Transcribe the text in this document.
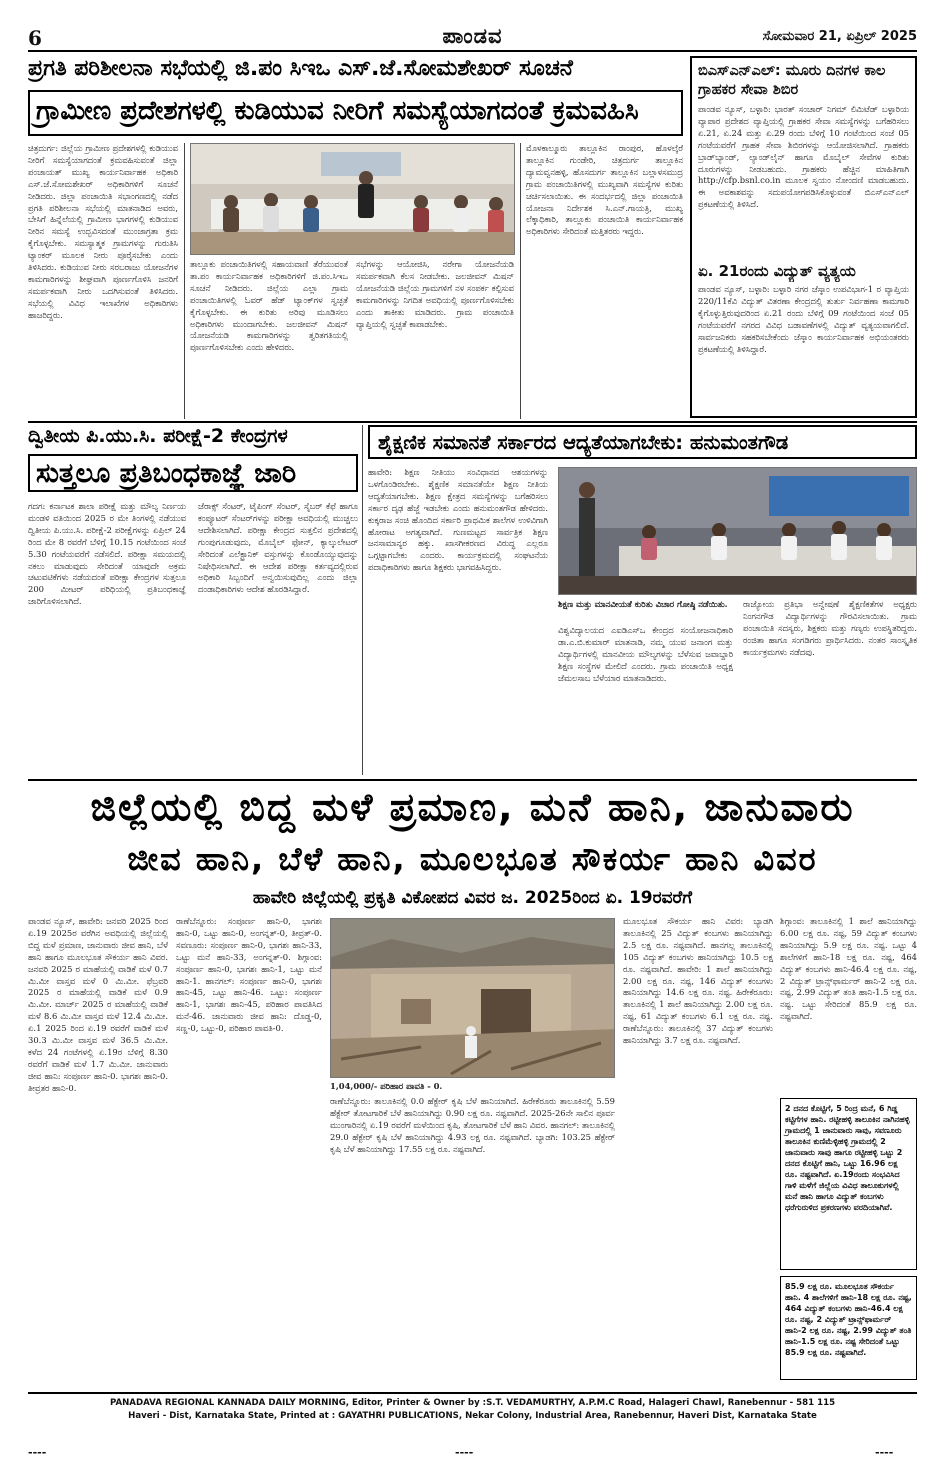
6	ಪಾಂಡವ	ಸೋಮವಾರ 21, ಏಪ್ರಿಲ್ 2025
ಪ್ರಗತಿ ಪರಿಶೀಲನಾ ಸಭೆಯಲ್ಲಿ ಜಿ.ಪಂ ಸಿಇಒ ಎಸ್.ಜೆ.ಸೋಮಶೇಖರ್ ಸೂಚನೆ
ಗ್ರಾಮೀಣ ಪ್ರದೇಶಗಳಲ್ಲಿ ಕುಡಿಯುವ ನೀರಿಗೆ ಸಮಸ್ಯೆಯಾಗದಂತೆ ಕ್ರಮವಹಿಸಿ
ಚಿತ್ರದುರ್ಗ: ಜಿಲ್ಲೆಯ ಗ್ರಾಮೀಣ ಪ್ರದೇಶಗಳಲ್ಲಿ ಕುಡಿಯುವ ನೀರಿಗೆ ಸಮಸ್ಯೆಯಾಗದಂತೆ ಕ್ರಮವಹಿಸುವಂತೆ ಜಿಲ್ಲಾ ಪಂಚಾಯತ್ ಮುಖ್ಯ ಕಾರ್ಯನಿರ್ವಾಹಕ ಅಧಿಕಾರಿ ಎಸ್.ಜೆ.ಸೋಮಶೇಖರ್ ಅಧಿಕಾರಿಗಳಿಗೆ ಸೂಚನೆ ನೀಡಿದರು. ಜಿಲ್ಲಾ ಪಂಚಾಯಿತಿ ಸಭಾಂಗಣದಲ್ಲಿ ನಡೆದ ಪ್ರಗತಿ ಪರಿಶೀಲನಾ ಸಭೆಯಲ್ಲಿ ಮಾತನಾಡಿದ ಅವರು, ಬೇಸಿಗೆ ಹಿನ್ನೆಲೆಯಲ್ಲಿ ಗ್ರಾಮೀಣ ಭಾಗಗಳಲ್ಲಿ ಕುಡಿಯುವ ನೀರಿನ ಸಮಸ್ಯೆ ಉದ್ಭವಿಸದಂತೆ ಮುಂಜಾಗ್ರತಾ ಕ್ರಮ ಕೈಗೊಳ್ಳಬೇಕು. ಸಮಸ್ಯಾತ್ಮಕ ಗ್ರಾಮಗಳನ್ನು ಗುರುತಿಸಿ ಟ್ಯಾಂಕರ್ ಮೂಲಕ ನೀರು ಪೂರೈಸಬೇಕು ಎಂದು ತಿಳಿಸಿದರು. ಕುಡಿಯುವ ನೀರು ಸರಬರಾಜು ಯೋಜನೆಗಳ ಕಾಮಗಾರಿಗಳನ್ನು ಶೀಘ್ರವಾಗಿ ಪೂರ್ಣಗೊಳಿಸಿ ಜನರಿಗೆ ಸಮರ್ಪಕವಾಗಿ ನೀರು ಒದಗಿಸುವಂತೆ ತಿಳಿಸಿದರು. ಸಭೆಯಲ್ಲಿ ವಿವಿಧ ಇಲಾಖೆಗಳ ಅಧಿಕಾರಿಗಳು ಹಾಜರಿದ್ದರು.
ತಾಲ್ಲೂಕು ಪಂಚಾಯಿತಿಗಳಲ್ಲಿ ಸಹಾಯವಾಣಿ ತೆರೆಯುವಂತೆ ತಾ.ಪಂ ಕಾರ್ಯನಿರ್ವಾಹಕ ಅಧಿಕಾರಿಗಳಿಗೆ ಜಿ.ಪಂ.ಸಿಇಒ ಸೂಚನೆ ನೀಡಿದರು. ಜಿಲ್ಲೆಯ ಎಲ್ಲಾ ಗ್ರಾಮ ಪಂಚಾಯಿತಿಗಳಲ್ಲಿ ಓವರ್ ಹೆಡ್ ಟ್ಯಾಂಕ್‌ಗಳ ಸ್ವಚ್ಛತೆ ಕೈಗೊಳ್ಳಬೇಕು. ಈ ಕುರಿತು ಅರಿವು ಮೂಡಿಸಲು ಅಧಿಕಾರಿಗಳು ಮುಂದಾಗಬೇಕು. ಜಲಜೀವನ್ ಮಿಷನ್ ಯೋಜನೆಯಡಿ ಕಾಮಗಾರಿಗಳನ್ನು ತ್ವರಿತಗತಿಯಲ್ಲಿ ಪೂರ್ಣಗೊಳಿಸಬೇಕು ಎಂದು ಹೇಳಿದರು.
ಸಭೆಗಳನ್ನು ಆಯೋಜಿಸಿ, ನರೇಗಾ ಯೋಜನೆಯಡಿ ಸಮರ್ಪಕವಾಗಿ ಕೆಲಸ ನೀಡಬೇಕು. ಜಲಜೀವನ್ ಮಿಷನ್ ಯೋಜನೆಯಡಿ ಜಿಲ್ಲೆಯ ಗ್ರಾಮಗಳಿಗೆ ನಳ ಸಂಪರ್ಕ ಕಲ್ಪಿಸುವ ಕಾಮಗಾರಿಗಳನ್ನು ನಿಗದಿತ ಅವಧಿಯಲ್ಲಿ ಪೂರ್ಣಗೊಳಿಸಬೇಕು ಎಂದು ತಾಕೀತು ಮಾಡಿದರು. ಗ್ರಾಮ ಪಂಚಾಯಿತಿ ವ್ಯಾಪ್ತಿಯಲ್ಲಿ ಸ್ವಚ್ಛತೆ ಕಾಪಾಡಬೇಕು.
ಮೊಳಕಾಲ್ಮೂರು ತಾಲ್ಲೂಕಿನ ರಾಂಪುರ, ಹೊಳಲ್ಕೆರೆ ತಾಲ್ಲೂಕಿನ ಗುಂಡೇರಿ, ಚಿತ್ರದುರ್ಗ ತಾಲ್ಲೂಕಿನ ದ್ಯಾಮವ್ವನಹಳ್ಳಿ, ಹೊಸದುರ್ಗ ತಾಲ್ಲೂಕಿನ ಬಲ್ಲಾಳಸಮುದ್ರ ಗ್ರಾಮ ಪಂಚಾಯಿತಿಗಳಲ್ಲಿ ಮುಖ್ಯವಾಗಿ ಸಮಸ್ಯೆಗಳ ಕುರಿತು ಚರ್ಚಿಸಲಾಯಿತು. ಈ ಸಂದರ್ಭದಲ್ಲಿ ಜಿಲ್ಲಾ ಪಂಚಾಯಿತಿ ಯೋಜನಾ ನಿರ್ದೇಶಕ ಸಿ.ಎನ್.ಗಾಯತ್ರಿ, ಮುಖ್ಯ ಲೆಕ್ಕಾಧಿಕಾರಿ, ತಾಲ್ಲೂಕು ಪಂಚಾಯಿತಿ ಕಾರ್ಯನಿರ್ವಾಹಕ ಅಧಿಕಾರಿಗಳು ಸೇರಿದಂತೆ ಮತ್ತಿತರರು ಇದ್ದರು.
ಬಿಎಸ್‌ಎನ್‌ಎಲ್: ಮೂರು ದಿನಗಳ ಕಾಲ ಗ್ರಾಹಕರ ಸೇವಾ ಶಿಬಿರ
ಪಾಂಡವ ನ್ಯೂಸ್, ಬಳ್ಳಾರಿ: ಭಾರತ್ ಸಂಚಾರ್ ನಿಗಮ್ ಲಿಮಿಟೆಡ್ ಬಳ್ಳಾರಿಯ ವ್ಯಾಪಾರ ಪ್ರದೇಶದ ವ್ಯಾಪ್ತಿಯಲ್ಲಿ ಗ್ರಾಹಕರ ಸೇವಾ ಸಮಸ್ಯೆಗಳನ್ನು ಬಗೆಹರಿಸಲು ಏ.21, ಏ.24 ಮತ್ತು ಏ.29 ರಂದು ಬೆಳಿಗ್ಗೆ 10 ಗಂಟೆಯಿಂದ ಸಂಜೆ 05 ಗಂಟೆಯವರೆಗೆ ಗ್ರಾಹಕ ಸೇವಾ ಶಿಬಿರಗಳನ್ನು ಆಯೋಜಿಸಲಾಗಿದೆ. ಗ್ರಾಹಕರು ಬ್ರಾಡ್‌ಬ್ಯಾಂಡ್, ಲ್ಯಾಂಡ್‌ಲೈನ್ ಹಾಗೂ ಮೊಬೈಲ್ ಸೇವೆಗಳ ಕುರಿತು ದೂರುಗಳನ್ನು ನೀಡಬಹುದು. ಗ್ರಾಹಕರು ಹೆಚ್ಚಿನ ಮಾಹಿತಿಗಾಗಿ http://cfp.bsnl.co.in ಮೂಲಕ ಸ್ವಯಂ ನೋಂದಣಿ ಮಾಡಬಹುದು. ಈ ಅವಕಾಶವನ್ನು ಸದುಪಯೋಗಪಡಿಸಿಕೊಳ್ಳುವಂತೆ ಬಿಎಸ್‌ಎನ್‌ಎಲ್ ಪ್ರಕಟಣೆಯಲ್ಲಿ ತಿಳಿಸಿದೆ.
ಏ. 21ರಂದು ವಿದ್ಯುತ್ ವ್ಯತ್ಯಯ
ಪಾಂಡವ ನ್ಯೂಸ್, ಬಳ್ಳಾರಿ: ಬಳ್ಳಾರಿ ನಗರ ಜೆಸ್ಕಾಂ ಉಪವಿಭಾಗ-1 ರ ವ್ಯಾಪ್ತಿಯ 220/11ಕೆವಿ ವಿದ್ಯುತ್ ವಿತರಣಾ ಕೇಂದ್ರದಲ್ಲಿ ತುರ್ತು ನಿರ್ವಹಣಾ ಕಾಮಗಾರಿ ಕೈಗೊಳ್ಳುತ್ತಿರುವುದರಿಂದ ಏ.21 ರಂದು ಬೆಳಿಗ್ಗೆ 09 ಗಂಟೆಯಿಂದ ಸಂಜೆ 05 ಗಂಟೆಯವರೆಗೆ ನಗರದ ವಿವಿಧ ಬಡಾವಣೆಗಳಲ್ಲಿ ವಿದ್ಯುತ್ ವ್ಯತ್ಯಯವಾಗಲಿದೆ. ಸಾರ್ವಜನಿಕರು ಸಹಕರಿಸಬೇಕೆಂದು ಜೆಸ್ಕಾಂ ಕಾರ್ಯನಿರ್ವಾಹಕ ಅಭಿಯಂತರರು ಪ್ರಕಟಣೆಯಲ್ಲಿ ತಿಳಿಸಿದ್ದಾರೆ.
ದ್ವಿತೀಯ ಪಿ.ಯು.ಸಿ. ಪರೀಕ್ಷೆ-2 ಕೇಂದ್ರಗಳ
ಸುತ್ತಲೂ ಪ್ರತಿಬಂಧಕಾಜ್ಞೆ ಜಾರಿ
ಗದಗ: ಕರ್ನಾಟಕ ಶಾಲಾ ಪರೀಕ್ಷೆ ಮತ್ತು ಮೌಲ್ಯ ನಿರ್ಣಯ ಮಂಡಳಿ ವತಿಯಿಂದ 2025 ರ ಮೇ ತಿಂಗಳಲ್ಲಿ ನಡೆಯುವ ದ್ವಿತೀಯ ಪಿ.ಯು.ಸಿ. ಪರೀಕ್ಷೆ-2 ಪರೀಕ್ಷೆಗಳನ್ನು ಏಪ್ರಿಲ್ 24 ರಿಂದ ಮೇ 8 ರವರೆಗೆ ಬೆಳಿಗ್ಗೆ 10.15 ಗಂಟೆಯಿಂದ ಸಂಜೆ 5.30 ಗಂಟೆಯವರೆಗೆ ನಡೆಸಲಿದೆ. ಪರೀಕ್ಷಾ ಸಮಯದಲ್ಲಿ ನಕಲು ಮಾಡುವುದು ಸೇರಿದಂತೆ ಯಾವುದೇ ಅಕ್ರಮ ಚಟುವಟಿಕೆಗಳು ನಡೆಯದಂತೆ ಪರೀಕ್ಷಾ ಕೇಂದ್ರಗಳ ಸುತ್ತಲೂ 200 ಮೀಟರ್ ಪರಿಧಿಯಲ್ಲಿ ಪ್ರತಿಬಂಧಕಾಜ್ಞೆ ಜಾರಿಗೊಳಿಸಲಾಗಿದೆ.
ಜೆರಾಕ್ಸ್ ಸೆಂಟರ್, ಟೈಪಿಂಗ್ ಸೆಂಟರ್, ಸೈಬರ್ ಕೆಫೆ ಹಾಗೂ ಕಂಪ್ಯೂಟರ್ ಸೆಂಟರ್‌ಗಳನ್ನು ಪರೀಕ್ಷಾ ಅವಧಿಯಲ್ಲಿ ಮುಚ್ಚಲು ಆದೇಶಿಸಲಾಗಿದೆ. ಪರೀಕ್ಷಾ ಕೇಂದ್ರದ ಸುತ್ತಲಿನ ಪ್ರದೇಶದಲ್ಲಿ ಗುಂಪುಗೂಡುವುದು, ಮೊಬೈಲ್ ಫೋನ್, ಕ್ಯಾಲ್ಕುಲೇಟರ್ ಸೇರಿದಂತೆ ಎಲೆಕ್ಟ್ರಾನಿಕ್ ವಸ್ತುಗಳನ್ನು ಕೊಂಡೊಯ್ಯುವುದನ್ನು ನಿಷೇಧಿಸಲಾಗಿದೆ. ಈ ಆದೇಶ ಪರೀಕ್ಷಾ ಕರ್ತವ್ಯದಲ್ಲಿರುವ ಅಧಿಕಾರಿ ಸಿಬ್ಬಂದಿಗೆ ಅನ್ವಯಿಸುವುದಿಲ್ಲ ಎಂದು ಜಿಲ್ಲಾ ದಂಡಾಧಿಕಾರಿಗಳು ಆದೇಶ ಹೊರಡಿಸಿದ್ದಾರೆ.
ಶೈಕ್ಷಣಿಕ ಸಮಾನತೆ ಸರ್ಕಾರದ ಆದ್ಯತೆಯಾಗಬೇಕು: ಹನುಮಂತಗೌಡ
ಹಾವೇರಿ: ಶಿಕ್ಷಣ ನೀತಿಯು ಸಂವಿಧಾನದ ಆಶಯಗಳನ್ನು ಒಳಗೊಂಡಿರಬೇಕು. ಶೈಕ್ಷಣಿಕ ಸಮಾನತೆಯೇ ಶಿಕ್ಷಣ ನೀತಿಯ ಆದ್ಯತೆಯಾಗಬೇಕು. ಶಿಕ್ಷಣ ಕ್ಷೇತ್ರದ ಸಮಸ್ಯೆಗಳನ್ನು ಬಗೆಹರಿಸಲು ಸರ್ಕಾರ ದೃಢ ಹೆಜ್ಜೆ ಇಡಬೇಕು ಎಂದು ಹನುಮಂತಗೌಡ ಹೇಳಿದರು. ಕುಕ್ಕರಾಜ ಸಂಚಿ ಹೊಂದಿದ ಸರ್ಕಾರಿ ಪ್ರಾಥಮಿಕ ಶಾಲೆಗಳ ಉಳಿವಿಗಾಗಿ ಹೋರಾಟ ಅಗತ್ಯವಾಗಿದೆ. ಗುಣಮಟ್ಟದ ಸಾರ್ವತ್ರಿಕ ಶಿಕ್ಷಣ ಜನಸಾಮಾನ್ಯರ ಹಕ್ಕು. ಖಾಸಗೀಕರಣದ ವಿರುದ್ಧ ಎಲ್ಲರೂ ಒಗ್ಗಟ್ಟಾಗಬೇಕು ಎಂದರು. ಕಾರ್ಯಕ್ರಮದಲ್ಲಿ ಸಂಘಟನೆಯ ಪದಾಧಿಕಾರಿಗಳು ಹಾಗೂ ಶಿಕ್ಷಕರು ಭಾಗವಹಿಸಿದ್ದರು.
ಶಿಕ್ಷಣ ಮತ್ತು ಮಾನವೀಯತೆ ಕುರಿತು ವಿಚಾರ ಗೋಷ್ಠಿ ನಡೆಯಿತು.
ವಿಶ್ವವಿದ್ಯಾಲಯದ ಎಐಡಿಎಸ್‌ಒ ಕೇಂದ್ರದ ಸಂಯೋಜನಾಧಿಕಾರಿ ಡಾ.ಎ.ಬಿ.ಕುಮಾರ್ ಮಾತನಾಡಿ, ನಮ್ಮ ಯುವ ಜನಾಂಗ ಮತ್ತು ವಿದ್ಯಾರ್ಥಿಗಳಲ್ಲಿ ಮಾನವೀಯ ಮೌಲ್ಯಗಳನ್ನು ಬೆಳೆಸುವ ಜವಾಬ್ದಾರಿ ಶಿಕ್ಷಣ ಸಂಸ್ಥೆಗಳ ಮೇಲಿದೆ ಎಂದರು. ಗ್ರಾಮ ಪಂಚಾಯಿತಿ ಅಧ್ಯಕ್ಷ ಜೆಮಲಸಾಬ ಬೆಳೆಯಾರ ಮಾತನಾಡಿದರು.
ರಾಜ್ಯೋಯ ಪ್ರತಿಭಾ ಅನ್ವೇಷಣೆ ಶೈಕ್ಷಣಿಕತೆಗಳ ಅಧ್ಯಕ್ಷರು ನಿಂಗನಗೌಡ ವಿದ್ಯಾರ್ಥಿಗಳನ್ನು ಗೌರವಿಸಲಾಯಿತು. ಗ್ರಾಮ ಪಂಚಾಯಿತಿ ಸದಸ್ಯರು, ಶಿಕ್ಷಕರು ಮತ್ತು ಗಣ್ಯರು ಉಪಸ್ಥಿತರಿದ್ದರು. ರಂಜಿತಾ ಹಾಗೂ ಸಂಗಡಿಗರು ಪ್ರಾರ್ಥಿಸಿದರು. ನಂತರ ಸಾಂಸ್ಕೃತಿಕ ಕಾರ್ಯಕ್ರಮಗಳು ನಡೆದವು.
ಜಿಲ್ಲೆಯಲ್ಲಿ ಬಿದ್ದ ಮಳೆ ಪ್ರಮಾಣ, ಮನೆ ಹಾನಿ, ಜಾನುವಾರು
ಜೀವ ಹಾನಿ, ಬೆಳೆ ಹಾನಿ, ಮೂಲಭೂತ ಸೌಕರ್ಯ ಹಾನಿ ವಿವರ
ಹಾವೇರಿ ಜಿಲ್ಲೆಯಲ್ಲಿ ಪ್ರಕೃತಿ ವಿಕೋಪದ ವಿವರ ಜ. 2025ರಿಂದ ಏ. 19ರವರೆಗೆ
ಪಾಂಡವ ನ್ಯೂಸ್, ಹಾವೇರಿ: ಜನವರಿ 2025 ರಿಂದ ಏ.19 2025ರ ವರೆಗಿನ ಅವಧಿಯಲ್ಲಿ ಜಿಲ್ಲೆಯಲ್ಲಿ ಬಿದ್ದ ಮಳೆ ಪ್ರಮಾಣ, ಜಾನುವಾರು ಜೀವ ಹಾನಿ, ಬೆಳೆ ಹಾನಿ ಹಾಗೂ ಮೂಲಭೂತ ಸೌಕರ್ಯ ಹಾನಿ ವಿವರ. ಜನವರಿ 2025 ರ ಮಾಹೆಯಲ್ಲಿ ವಾಡಿಕೆ ಮಳೆ 0.7 ಮಿ.ಮೀ ವಾಸ್ತವ ಮಳೆ 0 ಮಿ.ಮೀ. ಫೆಬ್ರವರಿ 2025 ರ ಮಾಹೆಯಲ್ಲಿ ವಾಡಿಕೆ ಮಳೆ 0.9 ಮಿ.ಮೀ. ಮಾರ್ಚ್ 2025 ರ ಮಾಹೆಯಲ್ಲಿ ವಾಡಿಕೆ ಮಳೆ 8.6 ಮಿ.ಮೀ ವಾಸ್ತವ ಮಳೆ 12.4 ಮಿ.ಮೀ. ಏ.1 2025 ರಿಂದ ಏ.19 ರವರೆಗೆ ವಾಡಿಕೆ ಮಳೆ 30.3 ಮಿ.ಮೀ ವಾಸ್ತವ ಮಳೆ 36.5 ಮಿ.ಮೀ. ಕಳೆದ 24 ಗಂಟೆಗಳಲ್ಲಿ ಏ.19ರ ಬೆಳಿಗ್ಗೆ 8.30 ರವರೆಗೆ ವಾಡಿಕೆ ಮಳೆ 1.7 ಮಿ.ಮೀ. ಜಾನುವಾರು ಜೀವ ಹಾನಿ: ಸಂಪೂರ್ಣ ಹಾನಿ-0. ಭಾಗಶಃ ಹಾನಿ-0. ತೀವ್ರತರ ಹಾನಿ-0.
ರಾಣೆಬೆನ್ನೂರು: ಸಂಪೂರ್ಣ ಹಾನಿ-0, ಭಾಗಶಃ ಹಾನಿ-0, ಒಟ್ಟು ಹಾನಿ-0, ಅಂಗನ್ನತ್-0, ತೀವ್ರತ್-0. ಸವಣೂರು: ಸಂಪೂರ್ಣ ಹಾನಿ-0, ಭಾಗಶಃ ಹಾನಿ-33, ಒಟ್ಟು ಮನೆ ಹಾನಿ-33, ಅಂಗನ್ನತ್-0. ಶಿಗ್ಗಾಂವ: ಸಂಪೂರ್ಣ ಹಾನಿ-0, ಭಾಗಶಃ ಹಾನಿ-1, ಒಟ್ಟು ಮನೆ ಹಾನಿ-1. ಹಾನಗಲ್: ಸಂಪೂರ್ಣ ಹಾನಿ-0, ಭಾಗಶಃ ಹಾನಿ-45, ಒಟ್ಟು ಹಾನಿ-46. ಒಟ್ಟು: ಸಂಪೂರ್ಣ ಹಾನಿ-1, ಭಾಗಶಃ ಹಾನಿ-45, ಪರಿಹಾರ ಪಾವತಿಸಿದ ಮನೆ-46. ಜಾನುವಾರು ಜೀವ ಹಾನಿ: ದೊಡ್ಡ-0, ಸಣ್ಣ-0, ಒಟ್ಟು-0, ಪರಿಹಾರ ಪಾವತಿ-0.
1,04,000/- ಪರಿಹಾರ ಪಾವತಿ - 0.
ರಾಣೆಬೆನ್ನೂರು: ತಾಲೂಕಿನಲ್ಲಿ 0.0 ಹೆಕ್ಟೇರ್ ಕೃಷಿ ಬೆಳೆ ಹಾನಿಯಾಗಿದೆ. ಹಿರೇಕೆರೂರು ತಾಲೂಕಿನಲ್ಲಿ 5.59 ಹೆಕ್ಟೇರ್ ತೋಟಗಾರಿಕೆ ಬೆಳೆ ಹಾನಿಯಾಗಿದ್ದು 0.90 ಲಕ್ಷ ರೂ. ನಷ್ಟವಾಗಿದೆ. 2025-26ನೇ ಸಾಲಿನ ಪೂರ್ವ ಮುಂಗಾರಿನಲ್ಲಿ ಏ.19 ರವರೆಗೆ ಮಳೆಯಿಂದ ಕೃಷಿ, ತೋಟಗಾರಿಕೆ ಬೆಳೆ ಹಾನಿ ವಿವರ. ಹಾನಗಲ್: ತಾಲೂಕಿನಲ್ಲಿ 29.0 ಹೆಕ್ಟೇರ್ ಕೃಷಿ ಬೆಳೆ ಹಾನಿಯಾಗಿದ್ದು 4.93 ಲಕ್ಷ ರೂ. ನಷ್ಟವಾಗಿದೆ. ಬ್ಯಾಡಗಿ: 103.25 ಹೆಕ್ಟೇರ್ ಕೃಷಿ ಬೆಳೆ ಹಾನಿಯಾಗಿದ್ದು 17.55 ಲಕ್ಷ ರೂ. ನಷ್ಟವಾಗಿದೆ.
ಮೂಲಭೂತ ಸೌಕರ್ಯ ಹಾನಿ ವಿವರ: ಬ್ಯಾಡಗಿ ತಾಲೂಕಿನಲ್ಲಿ 25 ವಿದ್ಯುತ್ ಕಂಬಗಳು ಹಾನಿಯಾಗಿದ್ದು 2.5 ಲಕ್ಷ ರೂ. ನಷ್ಟವಾಗಿದೆ. ಹಾನಗಲ್ಲ ತಾಲೂಕಿನಲ್ಲಿ 105 ವಿದ್ಯುತ್ ಕಂಬಗಳು ಹಾನಿಯಾಗಿದ್ದು 10.5 ಲಕ್ಷ ರೂ. ನಷ್ಟವಾಗಿದೆ. ಹಾವೇರಿ: 1 ಶಾಲೆ ಹಾನಿಯಾಗಿದ್ದು 2.00 ಲಕ್ಷ ರೂ. ನಷ್ಟ, 146 ವಿದ್ಯುತ್ ಕಂಬಗಳು ಹಾನಿಯಾಗಿದ್ದು 14.6 ಲಕ್ಷ ರೂ. ನಷ್ಟ. ಹಿರೇಕೆರೂರು: ತಾಲೂಕಿನಲ್ಲಿ 1 ಶಾಲೆ ಹಾನಿಯಾಗಿದ್ದು 2.00 ಲಕ್ಷ ರೂ. ನಷ್ಟ, 61 ವಿದ್ಯುತ್ ಕಂಬಗಳು 6.1 ಲಕ್ಷ ರೂ. ನಷ್ಟ. ರಾಣೆಬೆನ್ನೂರು: ತಾಲೂಕಿನಲ್ಲಿ 37 ವಿದ್ಯುತ್ ಕಂಬಗಳು ಹಾನಿಯಾಗಿದ್ದು 3.7 ಲಕ್ಷ ರೂ. ನಷ್ಟವಾಗಿದೆ.
ಶಿಗ್ಗಾಂವ: ತಾಲೂಕಿನಲ್ಲಿ 1 ಶಾಲೆ ಹಾನಿಯಾಗಿದ್ದು 6.00 ಲಕ್ಷ ರೂ. ನಷ್ಟ, 59 ವಿದ್ಯುತ್ ಕಂಬಗಳು ಹಾನಿಯಾಗಿದ್ದು 5.9 ಲಕ್ಷ ರೂ. ನಷ್ಟ. ಒಟ್ಟು 4 ಶಾಲೆಗಳಿಗೆ ಹಾನಿ-18 ಲಕ್ಷ ರೂ. ನಷ್ಟ, 464 ವಿದ್ಯುತ್ ಕಂಬಗಳು ಹಾನಿ-46.4 ಲಕ್ಷ ರೂ. ನಷ್ಟ, 2 ವಿದ್ಯುತ್ ಟ್ರಾನ್ಸ್‌ಫಾರ್ಮರ್ ಹಾನಿ-2 ಲಕ್ಷ ರೂ. ನಷ್ಟ, 2.99 ವಿದ್ಯುತ್ ತಂತಿ ಹಾನಿ-1.5 ಲಕ್ಷ ರೂ. ನಷ್ಟ. ಒಟ್ಟು ಸೇರಿದಂತೆ 85.9 ಲಕ್ಷ ರೂ. ನಷ್ಟವಾಗಿದೆ.
2 ದನದ ಕೊಟ್ಟಿಗೆ, 5 ರಿಂದ್ರ ಮನೆ, 6 ಗಿಡ್ಡ ಕಟ್ಟಿಗೆಗಳ ಹಾನಿ. ರಟ್ಟೀಹಳ್ಳಿ ತಾಲೂಕಿನ ನಾಗಿನಹಳ್ಳಿ ಗ್ರಾಮದಲ್ಲಿ 1 ಜಾನುವಾರು ಸಾವು, ಸವಣೂರು ತಾಲೂಕಿನ ಕುಣಿಮೆಳ್ಳಿಹಳ್ಳಿ ಗ್ರಾಮದಲ್ಲಿ 2 ಜಾನುವಾರು ಸಾವು ಹಾಗೂ ರಟ್ಟೀಹಳ್ಳಿ ಒಟ್ಟು 2 ದನದ ಕೊಟ್ಟಿಗೆ ಹಾನಿ, ಒಟ್ಟು 16.96 ಲಕ್ಷ ರೂ. ನಷ್ಟವಾಗಿದೆ. ಏ.19ರಂದು ಸಂಭವಿಸಿದ ಗಾಳಿ ಮಳೆಗೆ ಜಿಲ್ಲೆಯ ವಿವಿಧ ತಾಲೂಕುಗಳಲ್ಲಿ ಮನೆ ಹಾನಿ ಹಾಗೂ ವಿದ್ಯುತ್ ಕಂಬಗಳು ಧರೆಗುರುಳಿದ ಪ್ರಕರಣಗಳು ವರದಿಯಾಗಿವೆ.
85.9 ಲಕ್ಷ ರೂ. ಮೂಲಭೂತ ಸೌಕರ್ಯ ಹಾನಿ. 4 ಶಾಲೆಗಳಿಗೆ ಹಾನಿ-18 ಲಕ್ಷ ರೂ. ನಷ್ಟ, 464 ವಿದ್ಯುತ್ ಕಂಬಗಳು ಹಾನಿ-46.4 ಲಕ್ಷ ರೂ. ನಷ್ಟ, 2 ವಿದ್ಯುತ್ ಟ್ರಾನ್ಸ್‌ಫಾರ್ಮರ್ ಹಾನಿ-2 ಲಕ್ಷ ರೂ. ನಷ್ಟ, 2.99 ವಿದ್ಯುತ್ ತಂತಿ ಹಾನಿ-1.5 ಲಕ್ಷ ರೂ. ನಷ್ಟ ಸೇರಿದಂತೆ ಒಟ್ಟು 85.9 ಲಕ್ಷ ರೂ. ನಷ್ಟವಾಗಿದೆ.
PANADAVA REGIONAL KANNADA DAILY MORNING, Editor, Printer & Owner by :S.T. VEDAMURTHY, A.P.M.C Road, Halageri Chawl, Ranebennur - 581 115
Haveri - Dist, Karnataka State, Printed at : GAYATHRI PUBLICATIONS, Nekar Colony, Industrial Area, Ranebennur, Haveri Dist, Karnataka State
----	----	----
